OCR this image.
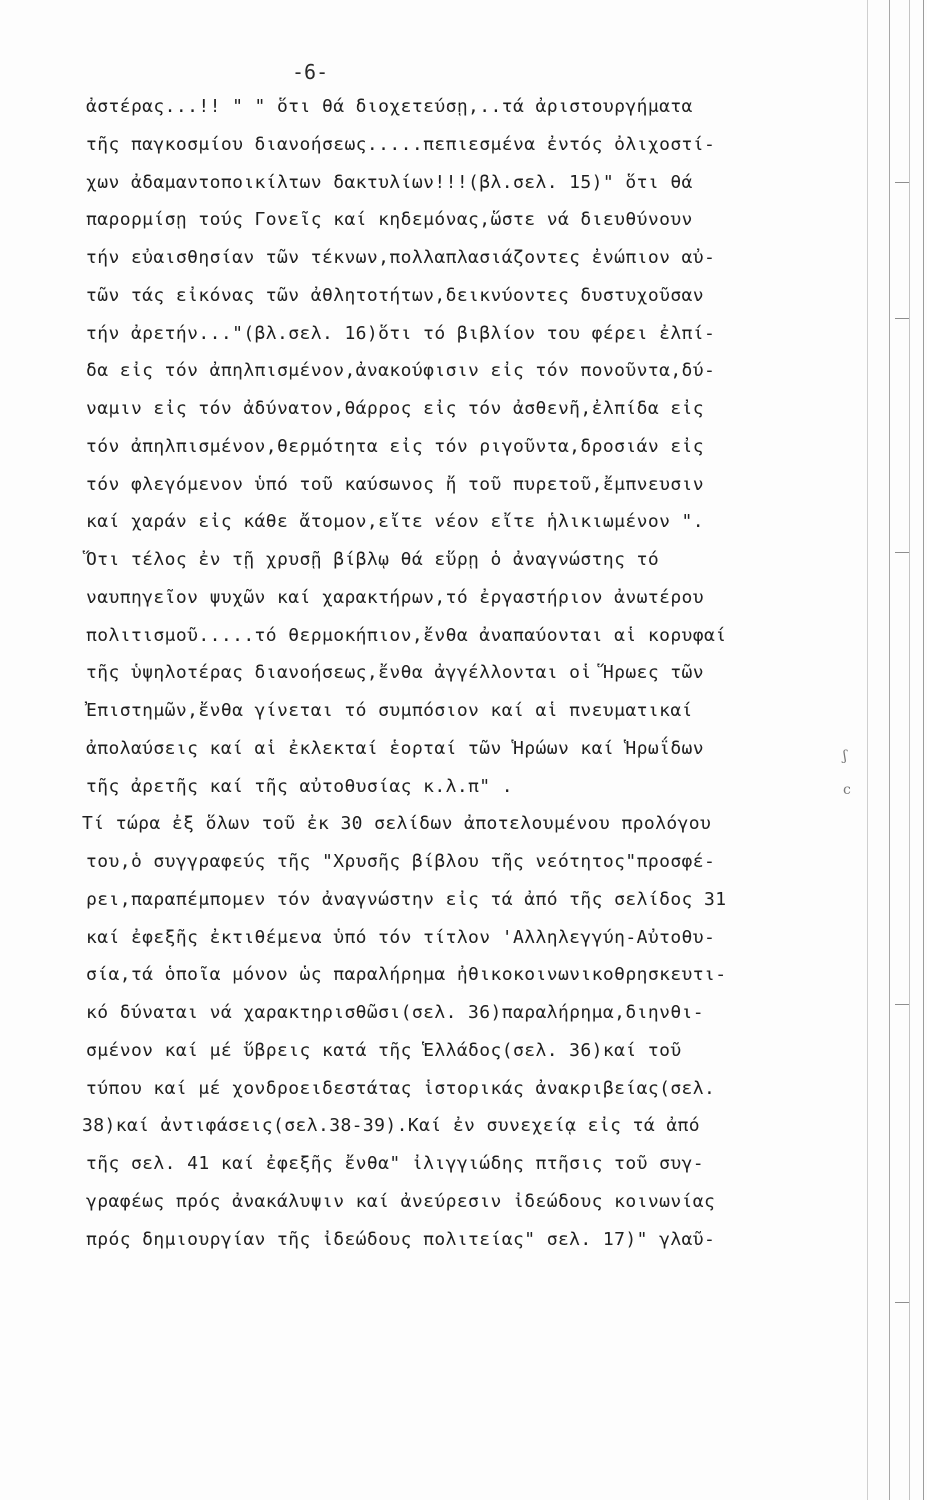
-6-
ἀστέρας...!! " " ὅτι θά διοχετεύσῃ,..τά ἀριστουργήματα
τῆς παγκοσμίου διανοήσεως.....πεπιεσμένα ἐντός ὀλιχοστί-
χων ἀδαμαντοποικίλτων δακτυλίων!!!(βλ.σελ. 15)" ὅτι θά
παρορμίσῃ τούς Γονεῖς καί κηδεμόνας,ὥστε νά διευθύνουν
τήν εὐαισθησίαν τῶν τέκνων,πολλαπλασιάζοντες ἐνώπιον αὐ-
τῶν τάς εἰκόνας τῶν ἀθλητοτήτων,δεικνύοντες δυστυχοῦσαν
τήν ἀρετήν..."(βλ.σελ. 16)ὅτι τό βιβλίον του φέρει ἐλπί-
δα εἰς τόν ἀπηλπισμένον,ἀνακούφισιν εἰς τόν πονοῦντα,δύ-
ναμιν εἰς τόν ἀδύνατον,θάρρος εἰς τόν ἀσθενῆ,ἐλπίδα εἰς
τόν ἀπηλπισμένον,θερμότητα εἰς τόν ριγοῦντα,δροσιάν εἰς
τόν φλεγόμενον ὑπό τοῦ καύσωνος ἤ τοῦ πυρετοῦ,ἔμπνευσιν
καί χαράν εἰς κάθε ἄτομον,εἴτε νέον εἴτε ἡλικιωμένον ".
Ὅτι τέλος ἐν τῇ χρυσῇ βίβλῳ θά εὕρῃ ὁ ἀναγνώστης τό
ναυπηγεῖον ψυχῶν καί χαρακτήρων,τό ἐργαστήριον ἀνωτέρου
πολιτισμοῦ.....τό θερμοκήπιον,ἔνθα ἀναπαύονται αἱ κορυφαί
τῆς ὑψηλοτέρας διανοήσεως,ἔνθα ἀγγέλλονται οἱ Ἥρωες τῶν
Ἐπιστημῶν,ἔνθα γίνεται τό συμπόσιον καί αἱ πνευματικαί
ἀπολαύσεις καί αἱ ἐκλεκταί ἑορταί τῶν Ἡρώων καί Ἡρωΐδων
τῆς ἀρετῆς καί τῆς αὐτοθυσίας κ.λ.π" .
Τί τώρα ἐξ ὅλων τοῦ ἐκ 30 σελίδων ἀποτελουμένου προλόγου
του,ὁ συγγραφεύς τῆς "Χρυσῆς βίβλου τῆς νεότητος"προσφέ-
ρει,παραπέμπομεν τόν ἀναγνώστην εἰς τά ἀπό τῆς σελίδος 31
καί ἐφεξῆς ἐκτιθέμενα ὑπό τόν τίτλον 'Αλληλεγγύη-Αὐτοθυ-
σία,τά ὁποῖα μόνον ὡς παραλήρημα ἠθικοκοινωνικοθρησκευτι-
κό δύναται νά χαρακτηρισθῶσι(σελ. 36)παραλήρημα,διηνθι-
σμένον καί μέ ὕβρεις κατά τῆς Ἑλλάδος(σελ. 36)καί τοῦ
τύπου καί μέ χονδροειδεστάτας ἱστορικάς ἀνακριβείας(σελ.
38)καί ἀντιφάσεις(σελ.38-39).Καί ἐν συνεχείᾳ εἰς τά ἀπό
τῆς σελ. 41 καί ἐφεξῆς ἔνθα" ἰλιγγιώδης πτῆσις τοῦ συγ-
γραφέως πρός ἀνακάλυψιν καί ἀνεύρεσιν ἰδεώδους κοινωνίας
πρός δημιουργίαν τῆς ἰδεώδους πολιτείας" σελ. 17)" γλαῦ-
ʃ
c
